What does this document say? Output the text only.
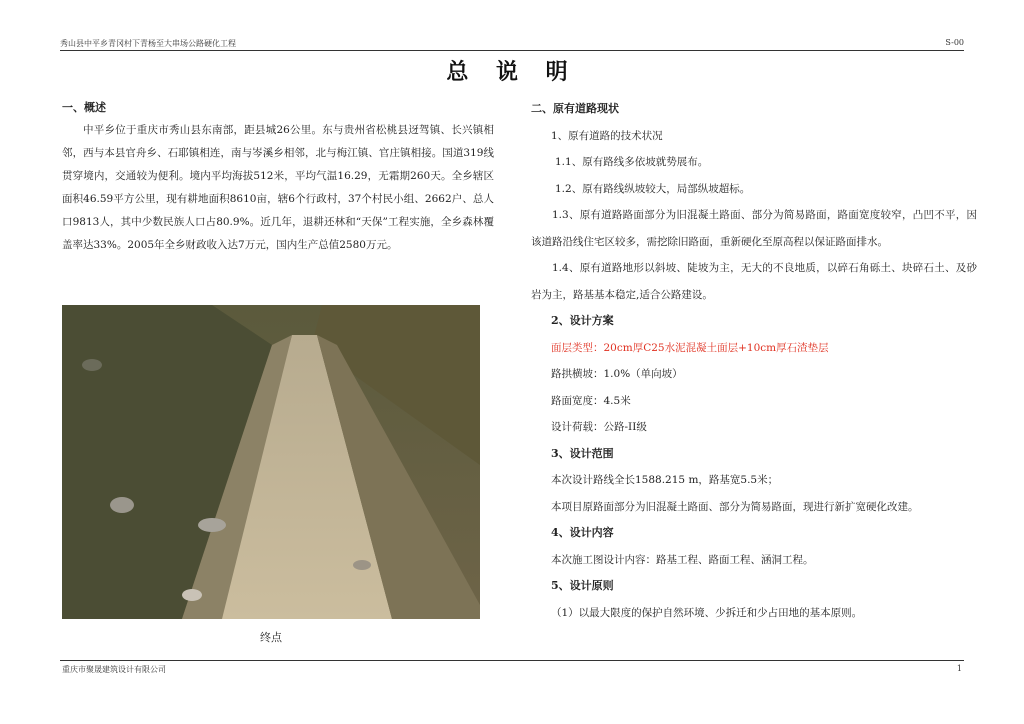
秀山县中平乡青冈村下青杨至大串场公路硬化工程	S-00
总 说 明
一、概述

中平乡位于重庆市秀山县东南部，距县城26公里。东与贵州省松桃县迓驾镇、长兴镇相邻，西与本县官舟乡、石耶镇相连，南与岑溪乡相邻，北与梅江镇、官庄镇相接。国道319线贯穿境内，交通较为便利。境内平均海拔512米，平均气温16.29，无霜期260天。全乡辖区面积46.59平方公里，现有耕地面积8610亩，辖6个行政村，37个村民小组、2662户、总人口9813人，其中少数民族人口占80.9%。近几年，退耕还林和“天保”工程实施，全乡森林覆盖率达33%。2005年全乡财政收入达7万元，国内生产总值2580万元。

终点
二、原有道路现状

1、原有道路的技术状况

1.1、原有路线多依坡就势展布。

1.2、原有路线纵坡较大，局部纵坡超标。

1.3、原有道路路面部分为旧混凝土路面、部分为简易路面，路面宽度较窄，凸凹不平，因该道路沿线住宅区较多，需挖除旧路面，重新硬化至原高程以保证路面排水。

1.4、原有道路地形以斜坡、陡坡为主，无大的不良地质，以碎石角砾土、块碎石土、及砂岩为主，路基基本稳定,适合公路建设。

2、设计方案

面层类型：20cm厚C25水泥混凝土面层+10cm厚石渣垫层

路拱横坡：1.0%（单向坡）

路面宽度：4.5米

设计荷载：公路-II级

3、设计范围

本次设计路线全长1588.215 m，路基宽5.5米；

本项目原路面部分为旧混凝土路面、部分为简易路面，现进行新扩宽硬化改建。

4、设计内容

本次施工图设计内容：路基工程、路面工程、涵洞工程。

5、设计原则

（1）以最大限度的保护自然环境、少拆迁和少占田地的基本原则。

重庆市聚晟建筑设计有限公司	1
